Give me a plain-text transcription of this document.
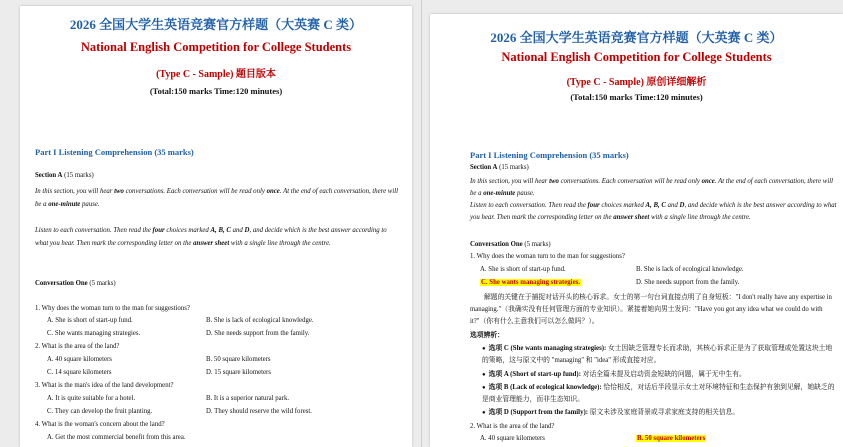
2026 全国大学生英语竞赛官方样题（大英赛 C 类）
National English Competition for College Students
(Type C - Sample) 题目版本
(Total:150 marks Time:120 minutes)
Part I Listening Comprehension (35 marks)
Section A (15 marks)
In this section, you will hear two conversations. Each conversation will be read only once. At the end of each conversation, there will be a one-minute pause.
Listen to each conversation. Then read the four choices marked A, B, C and D, and decide which is the best answer according to what you hear. Then mark the corresponding letter on the answer sheet with a single line through the centre.
Conversation One (5 marks)
1. Why does the woman turn to the man for suggestions?
A. She is short of start-up fund.	B. She is lack of ecological knowledge.
C. She wants managing strategies.	D. She needs support from the family.
2. What is the area of the land?
A. 40 square kilometers	B. 50 square kilometers
C. 14 square kilometers	D. 15 square kilometers
3. What is the man's idea of the land development?
A. It is quite suitable for a hotel.	B. It is a superior natural park.
C. They can develop the fruit planting.	D. They should reserve the wild forest.
4. What is the woman's concern about the land?
A. Get the most commercial benefit from this area.
2026 全国大学生英语竞赛官方样题（大英赛 C 类）
National English Competition for College Students
(Type C - Sample) 原创详细解析
(Total:150 marks Time:120 minutes)
Part I Listening Comprehension (35 marks)
Section A (15 marks)
In this section, you will hear two conversations. Each conversation will be read only once. At the end of each conversation, there will be a one-minute pause.
Listen to each conversation. Then read the four choices marked A, B, C and D, and decide which is the best answer according to what you hear. Then mark the corresponding letter on the answer sheet with a single line through the centre.
Conversation One (5 marks)
1. Why does the woman turn to the man for suggestions?
A. She is short of start-up fund.	B. She is lack of ecological knowledge.
C. She wants managing strategies.	D. She needs support from the family.
解题的关键在于捕捉对话开头的核心诉求。女士的第一句台词直接点明了自身短板："I don't really have any expertise in managing."（我确实没有任何管理方面的专业知识）。紧接着她向男士发问："Have you got any idea what we could do with it?"（你有什么主意我们可以怎么做吗？）。
选项辨析：
●  选项 C (She wants managing strategies): 女士因缺乏管理专长而求助，其核心诉求正是为了获取管理或处置这块土地的策略，这与原文中的 "managing" 和 "idea" 形成直接对应。
●  选项 A (Short of start-up fund): 对话全篇未提及启动资金短缺的问题，属于无中生有。
●  选项 B (Lack of ecological knowledge): 恰恰相反，对话后半段显示女士对环境特征和生态保护有独到见解，她缺乏的是商业管理能力，而非生态知识。
●  选项 D (Support from the family): 原文未涉及家庭背景或寻求家庭支持的相关信息。
2. What is the area of the land?
A. 40 square kilometers	B. 50 square kilometers
